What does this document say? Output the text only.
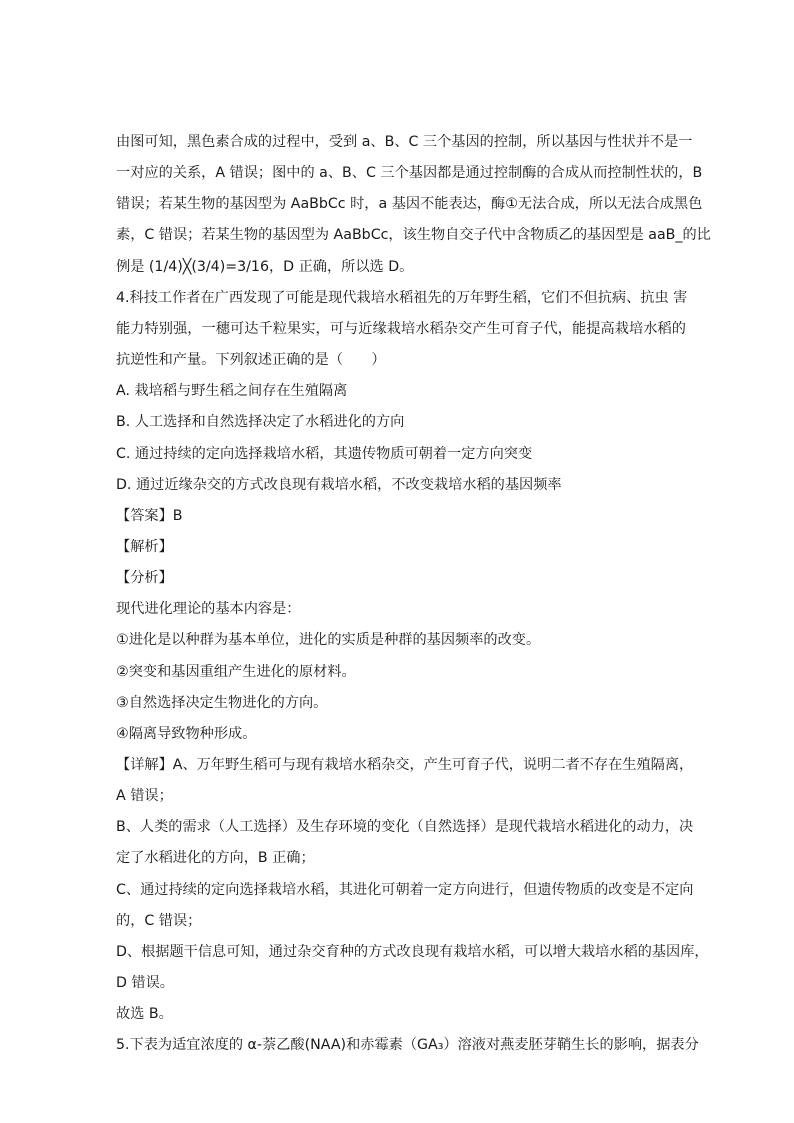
由图可知，黑色素合成的过程中，受到 a、B、C 三个基因的控制，所以基因与性状并不是一
一对应的关系，A 错误；图中的 a、B、C 三个基因都是通过控制酶的合成从而控制性状的，B
错误；若某生物的基因型为 AaBbCc 时，a 基因不能表达，酶①无法合成，所以无法合成黑色
素，C 错误；若某生物的基因型为 AaBbCc，该生物自交子代中含物质乙的基因型是 aaB_的比
例是 (1/4)╳(3/4)=3/16，D 正确，所以选 D。
4.科技工作者在广西发现了可能是现代栽培水稻祖先的万年野生稻，它们不但抗病、抗虫 害
能力特别强，一穗可达千粒果实，可与近缘栽培水稻杂交产生可育子代，能提高栽培水稻的
抗逆性和产量。下列叙述正确的是（　　）
A. 栽培稻与野生稻之间存在生殖隔离
B. 人工选择和自然选择决定了水稻进化的方向
C. 通过持续的定向选择栽培水稻，其遗传物质可朝着一定方向突变
D. 通过近缘杂交的方式改良现有栽培水稻，不改变栽培水稻的基因频率
【答案】B
【解析】
【分析】
现代进化理论的基本内容是：
①进化是以种群为基本单位，进化的实质是种群的基因频率的改变。
②突变和基因重组产生进化的原材料。
③自然选择决定生物进化的方向。
④隔离导致物种形成。
【详解】A、万年野生稻可与现有栽培水稻杂交，产生可育子代，说明二者不存在生殖隔离，
A 错误；
B、人类的需求（人工选择）及生存环境的变化（自然选择）是现代栽培水稻进化的动力，决
定了水稻进化的方向，B 正确；
C、通过持续的定向选择栽培水稻，其进化可朝着一定方向进行，但遗传物质的改变是不定向
的，C 错误；
D、根据题干信息可知，通过杂交育种的方式改良现有栽培水稻，可以增大栽培水稻的基因库，
D 错误。
故选 B。
5.下表为适宜浓度的 α-萘乙酸(NAA)和赤霉素（GA₃）溶液对燕麦胚芽鞘生长的影响，据表分
